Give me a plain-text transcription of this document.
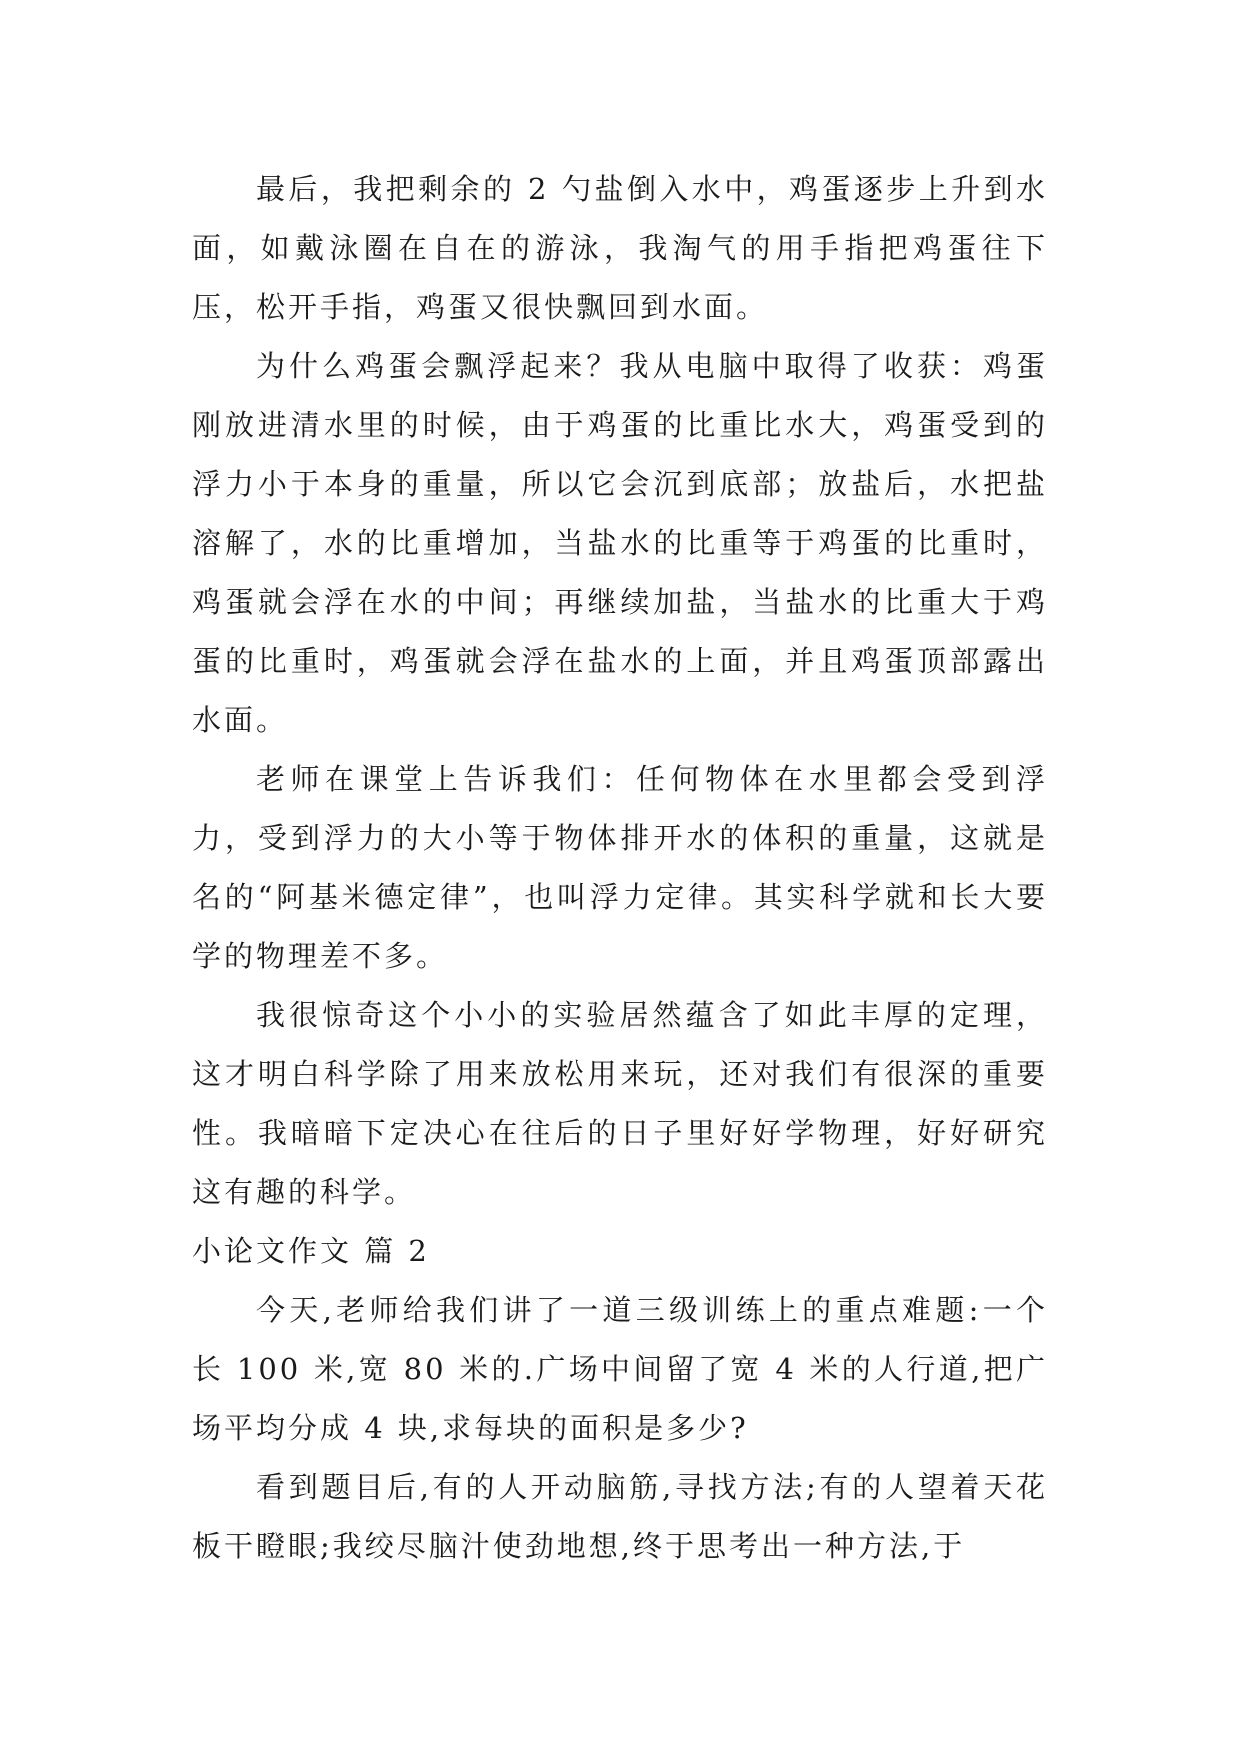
最后，我把剩余的 2 勺盐倒入水中，鸡蛋逐步上升到水面，如戴泳圈在自在的游泳，我淘气的用手指把鸡蛋往下压，松开手指，鸡蛋又很快飘回到水面。

为什么鸡蛋会飘浮起来？我从电脑中取得了收获：鸡蛋刚放进清水里的时候，由于鸡蛋的比重比水大，鸡蛋受到的浮力小于本身的重量，所以它会沉到底部；放盐后，水把盐溶解了，水的比重增加，当盐水的比重等于鸡蛋的比重时，鸡蛋就会浮在水的中间；再继续加盐，当盐水的比重大于鸡蛋的比重时，鸡蛋就会浮在盐水的上面，并且鸡蛋顶部露出水面。

老师在课堂上告诉我们：任何物体在水里都会受到浮力，受到浮力的大小等于物体排开水的体积的重量，这就是名的“阿基米德定律”，也叫浮力定律。其实科学就和长大要学的物理差不多。

我很惊奇这个小小的实验居然蕴含了如此丰厚的定理，这才明白科学除了用来放松用来玩，还对我们有很深的重要性。我暗暗下定决心在往后的日子里好好学物理，好好研究这有趣的科学。

小论文作文 篇 2

今天,老师给我们讲了一道三级训练上的重点难题:一个长 100 米,宽 80 米的.广场中间留了宽 4 米的人行道,把广场平均分成 4 块,求每块的面积是多少?

看到题目后,有的人开动脑筋,寻找方法;有的人望着天花板干瞪眼;我绞尽脑汁使劲地想,终于思考出一种方法,于
